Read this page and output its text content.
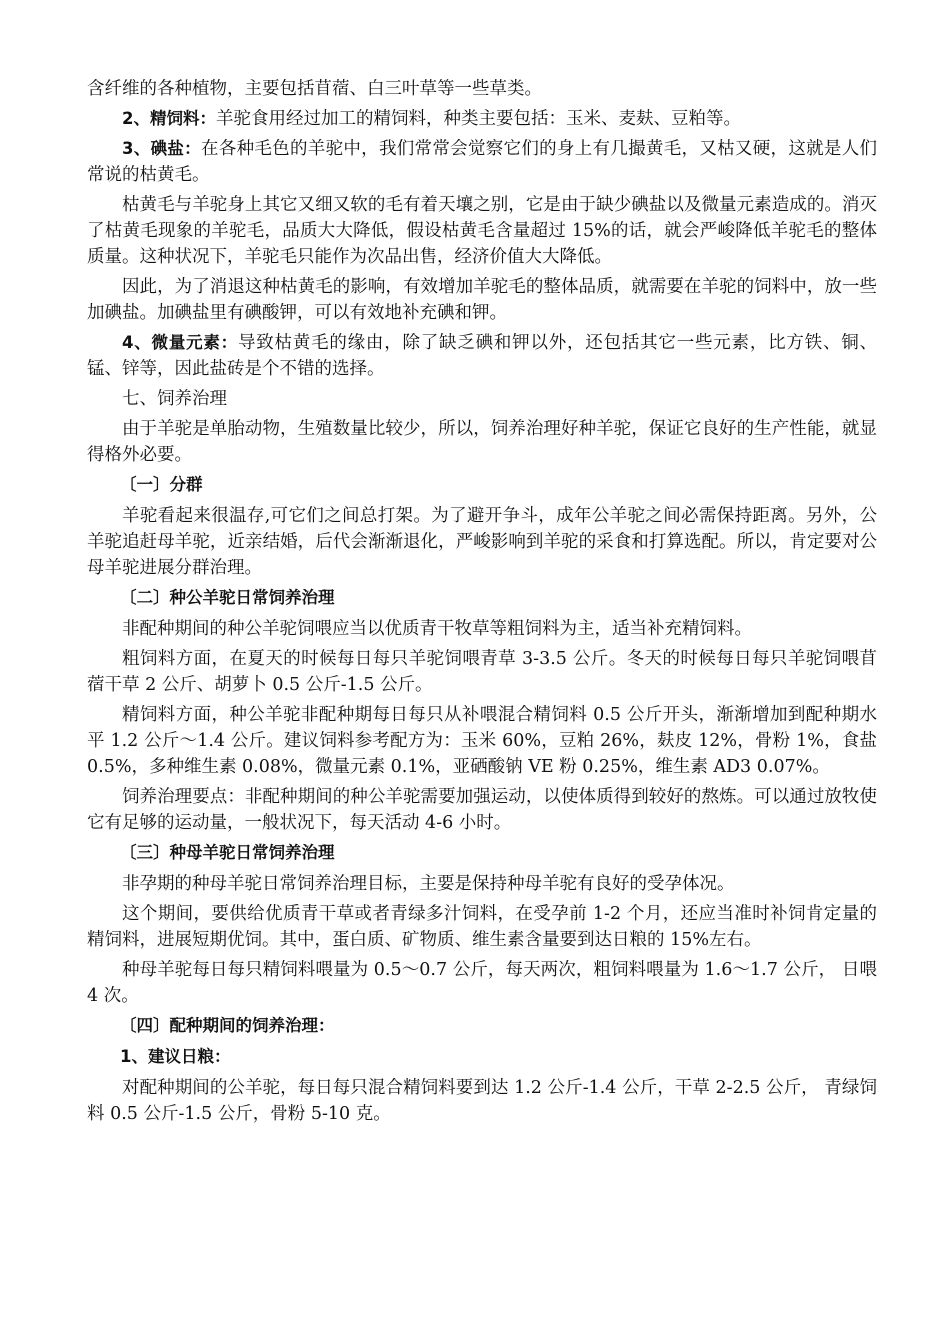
含纤维的各种植物，主要包括苜蓿、白三叶草等一些草类。

2、精饲料：羊驼食用经过加工的精饲料，种类主要包括：玉米、麦麸、豆粕等。

3、碘盐：在各种毛色的羊驼中，我们常常会觉察它们的身上有几撮黄毛，又枯又硬，这就是人们常说的枯黄毛。

枯黄毛与羊驼身上其它又细又软的毛有着天壤之别，它是由于缺少碘盐以及微量元素造成的。消灭了枯黄毛现象的羊驼毛，品质大大降低，假设枯黄毛含量超过 15%的话，就会严峻降低羊驼毛的整体质量。这种状况下，羊驼毛只能作为次品出售，经济价值大大降低。

因此，为了消退这种枯黄毛的影响，有效增加羊驼毛的整体品质，就需要在羊驼的饲料中，放一些加碘盐。加碘盐里有碘酸钾，可以有效地补充碘和钾。

4、微量元素：导致枯黄毛的缘由，除了缺乏碘和钾以外，还包括其它一些元素，比方铁、铜、锰、锌等，因此盐砖是个不错的选择。

七、饲养治理

由于羊驼是单胎动物，生殖数量比较少，所以，饲养治理好种羊驼，保证它良好的生产性能，就显得格外必要。

〔一〕分群

羊驼看起来很温存,可它们之间总打架。为了避开争斗，成年公羊驼之间必需保持距离。另外，公羊驼追赶母羊驼，近亲结婚，后代会渐渐退化，严峻影响到羊驼的采食和打算选配。所以，肯定要对公母羊驼进展分群治理。

〔二〕种公羊驼日常饲养治理

非配种期间的种公羊驼饲喂应当以优质青干牧草等粗饲料为主，适当补充精饲料。

粗饲料方面，在夏天的时候每日每只羊驼饲喂青草 3-3.5 公斤。冬天的时候每日每只羊驼饲喂苜蓿干草 2 公斤、胡萝卜 0.5 公斤-1.5 公斤。

精饲料方面，种公羊驼非配种期每日每只从补喂混合精饲料 0.5 公斤开头，渐渐增加到配种期水平 1.2 公斤～1.4 公斤。建议饲料参考配方为：玉米 60%，豆粕 26%，麸皮 12%，骨粉 1%，食盐 0.5%，多种维生素 0.08%，微量元素 0.1%，亚硒酸钠 VE 粉 0.25%，维生素 AD3 0.07%。

饲养治理要点：非配种期间的种公羊驼需要加强运动，以使体质得到较好的熬炼。可以通过放牧使它有足够的运动量，一般状况下，每天活动 4-6 小时。

〔三〕种母羊驼日常饲养治理

非孕期的种母羊驼日常饲养治理目标，主要是保持种母羊驼有良好的受孕体况。

这个期间，要供给优质青干草或者青绿多汁饲料，在受孕前 1-2 个月，还应当准时补饲肯定量的精饲料，进展短期优饲。其中，蛋白质、矿物质、维生素含量要到达日粮的 15%左右。

种母羊驼每日每只精饲料喂量为 0.5～0.7 公斤，每天两次，粗饲料喂量为 1.6～1.7 公斤， 日喂 4 次。

〔四〕配种期间的饲养治理：

1、建议日粮：

对配种期间的公羊驼，每日每只混合精饲料要到达 1.2 公斤-1.4 公斤，干草 2-2.5 公斤， 青绿饲料 0.5 公斤-1.5 公斤，骨粉 5-10 克。
